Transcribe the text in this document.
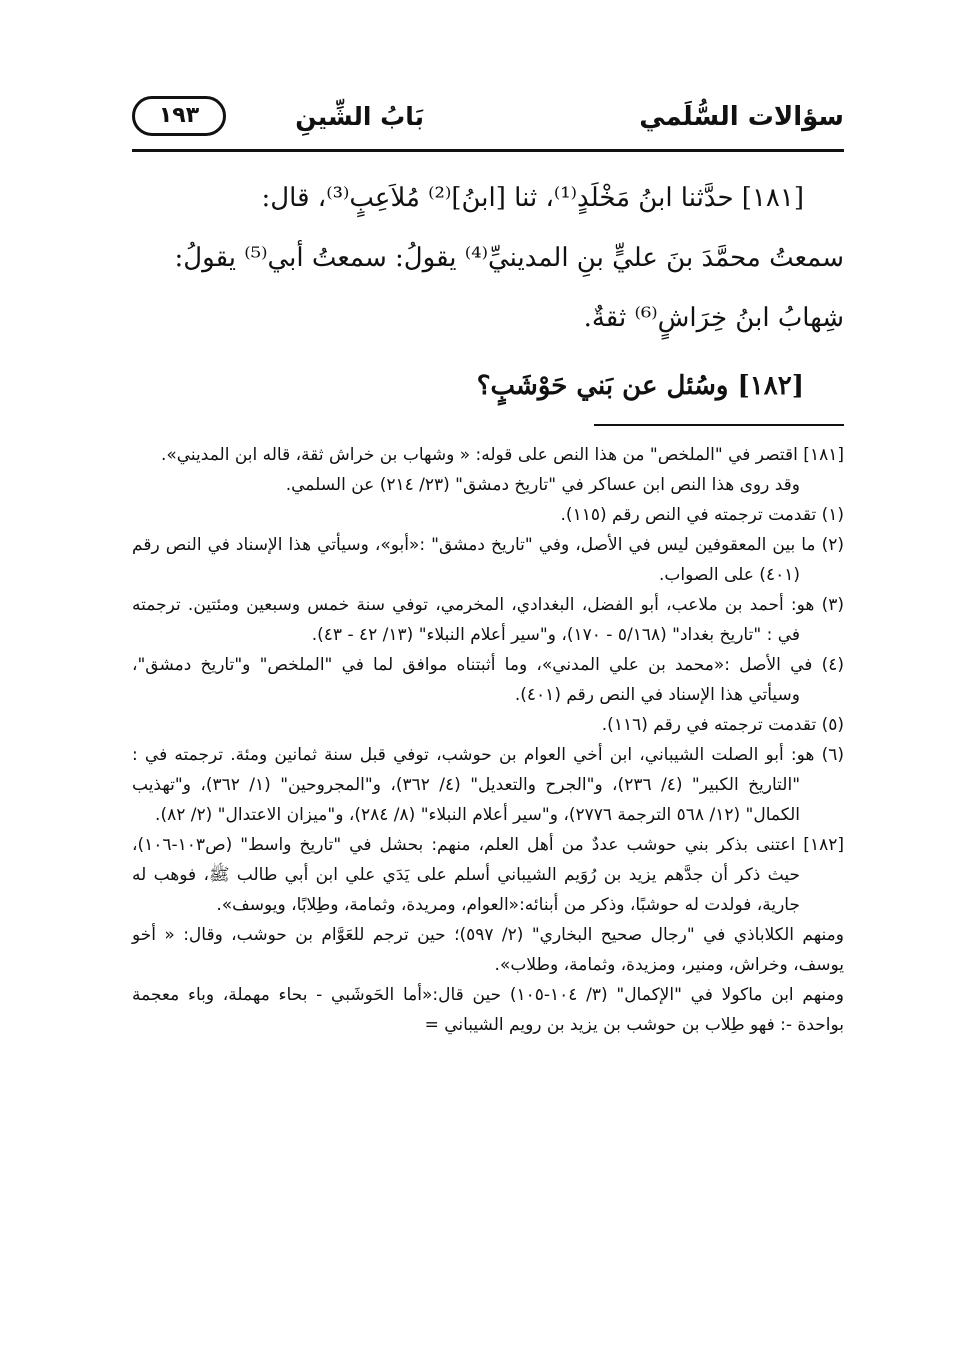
سؤالات السُّلَمي
بَابُ الشِّينِ
١٩٣

[١٨١] حدَّثنا ابنُ مَخْلَدٍ⁽¹⁾، ثنا [ابنُ]⁽²⁾ مُلاَعِبٍ⁽³⁾، قال:

سمعتُ محمَّدَ بنَ عليٍّ بنِ المدينيِّ⁽⁴⁾ يقولُ: سمعتُ أبي⁽⁵⁾ يقولُ:

شِهابُ ابنُ خِرَاشٍ⁽⁶⁾ ثقةٌ.

[١٨٢] وسُئل عن بَني حَوْشَبٍ؟

[١٨١] اقتصر في "الملخص" من هذا النص على قوله: « وشهاب بن خراش ثقة، قاله ابن المديني».

وقد روى هذا النص ابن عساكر في "تاريخ دمشق" (٢٣/ ٢١٤) عن السلمي.

(١) تقدمت ترجمته في النص رقم (١١٥).

(٢) ما بين المعقوفين ليس في الأصل، وفي "تاريخ دمشق" :«أبو»، وسيأتي هذا الإسناد في النص رقم (٤٠١) على الصواب.

(٣) هو: أحمد بن ملاعب، أبو الفضل، البغدادي، المخرمي، توفي سنة خمس وسبعين ومئتين. ترجمته في : "تاريخ بغداد" (٥/١٦٨ - ١٧٠)، و"سير أعلام النبلاء" (١٣/ ٤٢ - ٤٣).

(٤) في الأصل :«محمد بن علي المدني»، وما أثبتناه موافق لما في "الملخص" و"تاريخ دمشق"، وسيأتي هذا الإسناد في النص رقم (٤٠١).

(٥) تقدمت ترجمته في رقم (١١٦).

(٦) هو: أبو الصلت الشيباني، ابن أخي العوام بن حوشب، توفي قبل سنة ثمانين ومئة. ترجمته في : "التاريخ الكبير" (٤/ ٢٣٦)، و"الجرح والتعديل" (٤/ ٣٦٢)، و"المجروحين" (١/ ٣٦٢)، و"تهذيب الكمال" (١٢/ ٥٦٨ الترجمة ٢٧٧٦)، و"سير أعلام النبلاء" (٨/ ٢٨٤)، و"ميزان الاعتدال" (٢/ ٨٢).

[١٨٢] اعتنى بذكر بني حوشب عددٌ من أهل العلم، منهم: بحشل في "تاريخ واسط" (ص١٠٣-١٠٦)، حيث ذكر أن جدَّهم يزيد بن رُوَيم الشيباني أسلم على يَدَي علي ابن أبي طالب ﷺ، فوهب له جارية، فولدت له حوشبًا، وذكر من أبنائه:«العوام، ومريدة، وثمامة، وطِلابًا، ويوسف».

ومنهم الكلاباذي في "رجال صحيح البخاري" (٢/ ٥٩٧)؛ حين ترجم للعَوَّام بن حوشب، وقال: « أخو يوسف، وخراش، ومنير، ومزيدة، وثمامة، وطلاب».

ومنهم ابن ماكولا في "الإكمال" (٣/ ١٠٤-١٠٥) حين قال:«أما الحَوشَبي - بحاء مهملة، وباء معجمة بواحدة -: فهو طِلاب بن حوشب بن يزيد بن رويم الشيباني =
